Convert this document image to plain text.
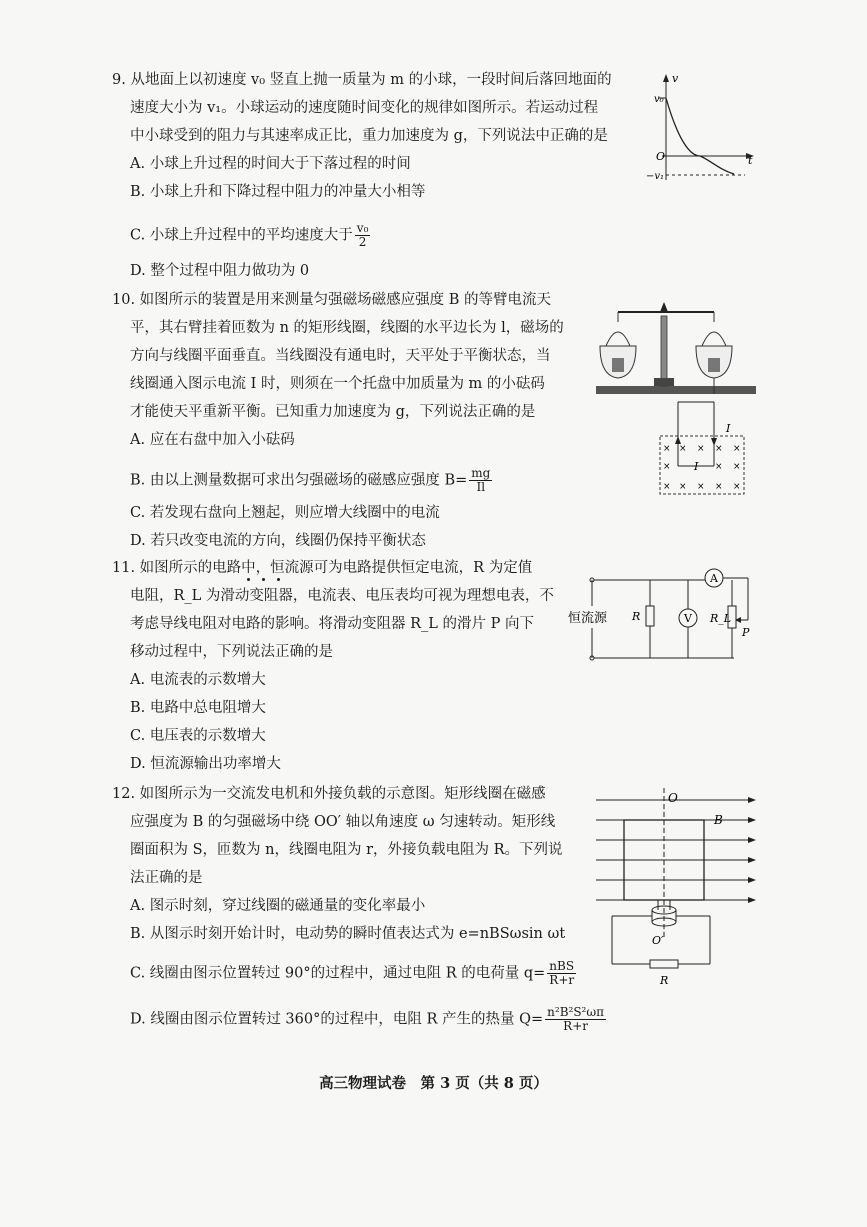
9. 从地面上以初速度 v₀ 竖直上抛一质量为 m 的小球，一段时间后落回地面的
速度大小为 v₁。小球运动的速度随时间变化的规律如图所示。若运动过程
中小球受到的阻力与其速率成正比，重力加速度为 g，下列说法中正确的是
A. 小球上升过程的时间大于下落过程的时间
B. 小球上升和下降过程中阻力的冲量大小相等
C. 小球上升过程中的平均速度大于 $\frac{\text{v₀}}{2}$
D. 整个过程中阻力做功为 0
v
v₀
O	t
−v₁
10. 如图所示的装置是用来测量匀强磁场磁感应强度 B 的等臂电流天
平，其右臂挂着匝数为 n 的矩形线圈，线圈的水平边长为 l，磁场的
方向与线圈平面垂直。当线圈没有通电时，天平处于平衡状态，当
线圈通入图示电流 I 时，则须在一个托盘中加质量为 m 的小砝码
才能使天平重新平衡。已知重力加速度为 g，下列说法正确的是
A. 应在右盘中加入小砝码
B. 由以上测量数据可求出匀强磁场的磁感应强度 $B= \frac{mg}{Il}$
C. 若发现右盘向上翘起，则应增大线圈中的电流
D. 若只改变电流的方向，线圈仍保持平衡状态
I
× × × × ×
×	× ×
× × × × ×
I
11. 如图所示的电路中，恒流源可为电路提供恒定电流，R 为定值
电阻，R_L 为滑动变阻器，电流表、电压表均可视为理想电表，不
考虑导线电阻对电路的影响。将滑动变阻器 R_L 的滑片 P 向下
移动过程中，下列说法正确的是
A. 电流表的示数增大
B. 电路中总电阻增大
C. 电压表的示数增大
D. 恒流源输出功率增大
恒流源 R	V
A
R_L
P
12. 如图所示为一交流发电机和外接负载的示意图。矩形线圈在磁感
应强度为 B 的匀强磁场中绕 OO′ 轴以角速度 ω 匀速转动。矩形线
圈面积为 S，匝数为 n，线圈电阻为 r，外接负载电阻为 R。下列说
法正确的是
A. 图示时刻，穿过线圈的磁通量的变化率最小
B. 从图示时刻开始计时，电动势的瞬时值表达式为 e=nBSωsin ωt
C. 线圈由图示位置转过 90°的过程中，通过电阻 R 的电荷量 $q= \frac{\text{nBS}}{R+r}$
D. 线圈由图示位置转过 360°的过程中，电阻 R 产生的热量 $Q= \frac{\text{n²B²S²ωπ}}{R+r}$
O
B
O′
R
高三物理试卷　第 3 页（共 8 页）
